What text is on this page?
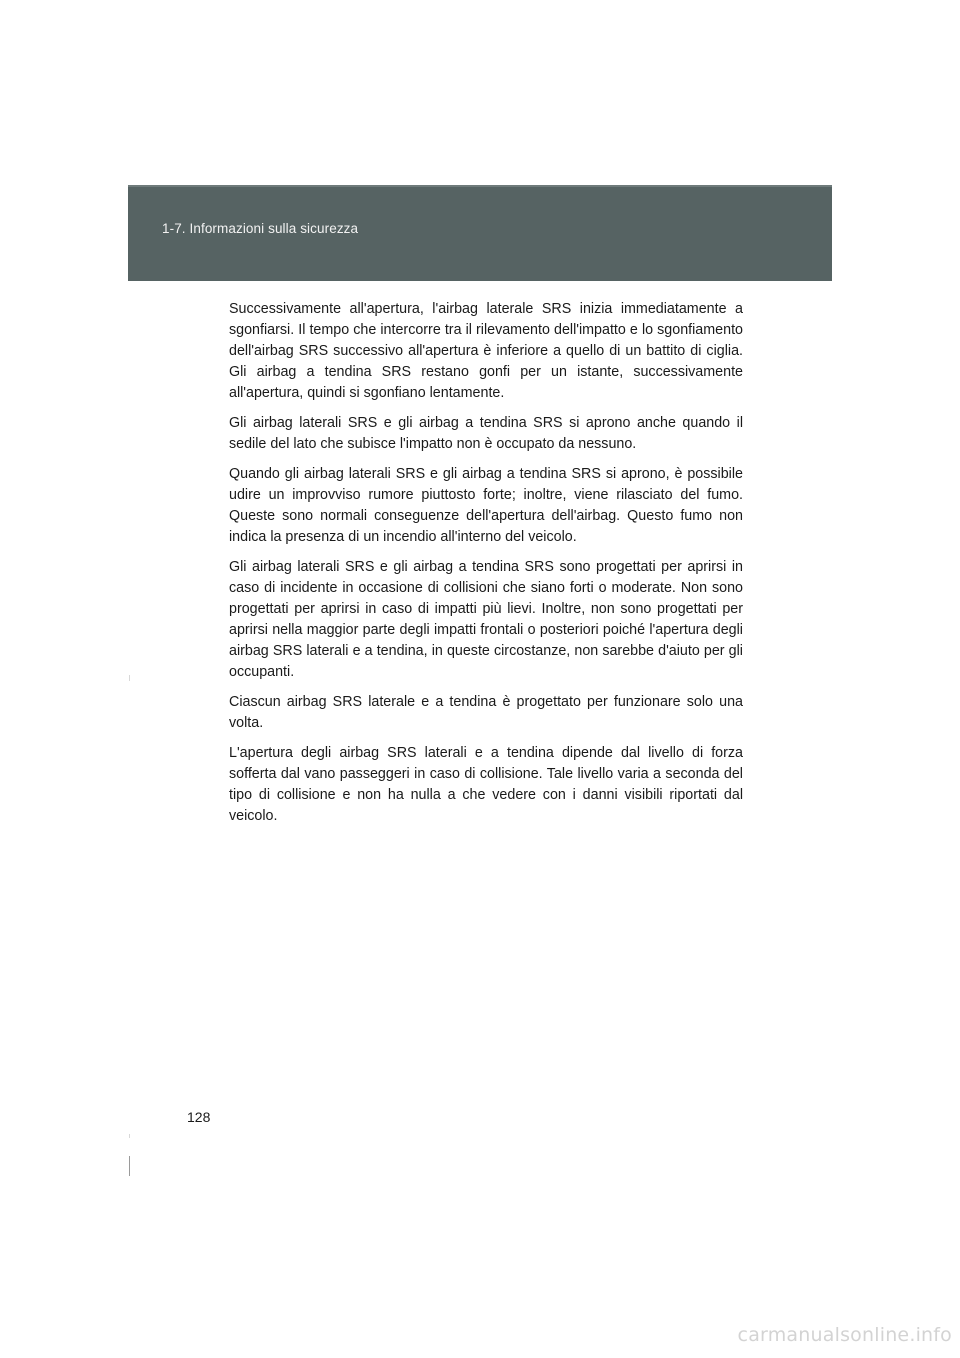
1-7. Informazioni sulla sicurezza

Successivamente all'apertura, l'airbag laterale SRS inizia immediatamente a sgonfiarsi. Il tempo che intercorre tra il rilevamento dell'impatto e lo sgonfiamento dell'airbag SRS successivo all'apertura è inferiore a quello di un battito di ciglia. Gli airbag a tendina SRS restano gonfi per un istante, successivamente all'apertura, quindi si sgonfiano lentamente.

Gli airbag laterali SRS e gli airbag a tendina SRS si aprono anche quando il sedile del lato che subisce l'impatto non è occupato da nessuno.

Quando gli airbag laterali SRS e gli airbag a tendina SRS si aprono, è possibile udire un improvviso rumore piuttosto forte; inoltre, viene rilasciato del fumo. Queste sono normali conseguenze dell'apertura dell'airbag. Questo fumo non indica la presenza di un incendio all'interno del veicolo.

Gli airbag laterali SRS e gli airbag a tendina SRS sono progettati per aprirsi in caso di incidente in occasione di collisioni che siano forti o moderate. Non sono progettati per aprirsi in caso di impatti più lievi. Inoltre, non sono progettati per aprirsi nella maggior parte degli impatti frontali o posteriori poiché l'apertura degli airbag SRS laterali e a tendina, in queste circostanze, non sarebbe d'aiuto per gli occupanti.

Ciascun airbag SRS laterale e a tendina è progettato per funzionare solo una volta.

L'apertura degli airbag SRS laterali e a tendina dipende dal livello di forza sofferta dal vano passeggeri in caso di collisione. Tale livello varia a seconda del tipo di collisione e non ha nulla a che vedere con i danni visibili riportati dal veicolo.

128
carmanualsonline.info
